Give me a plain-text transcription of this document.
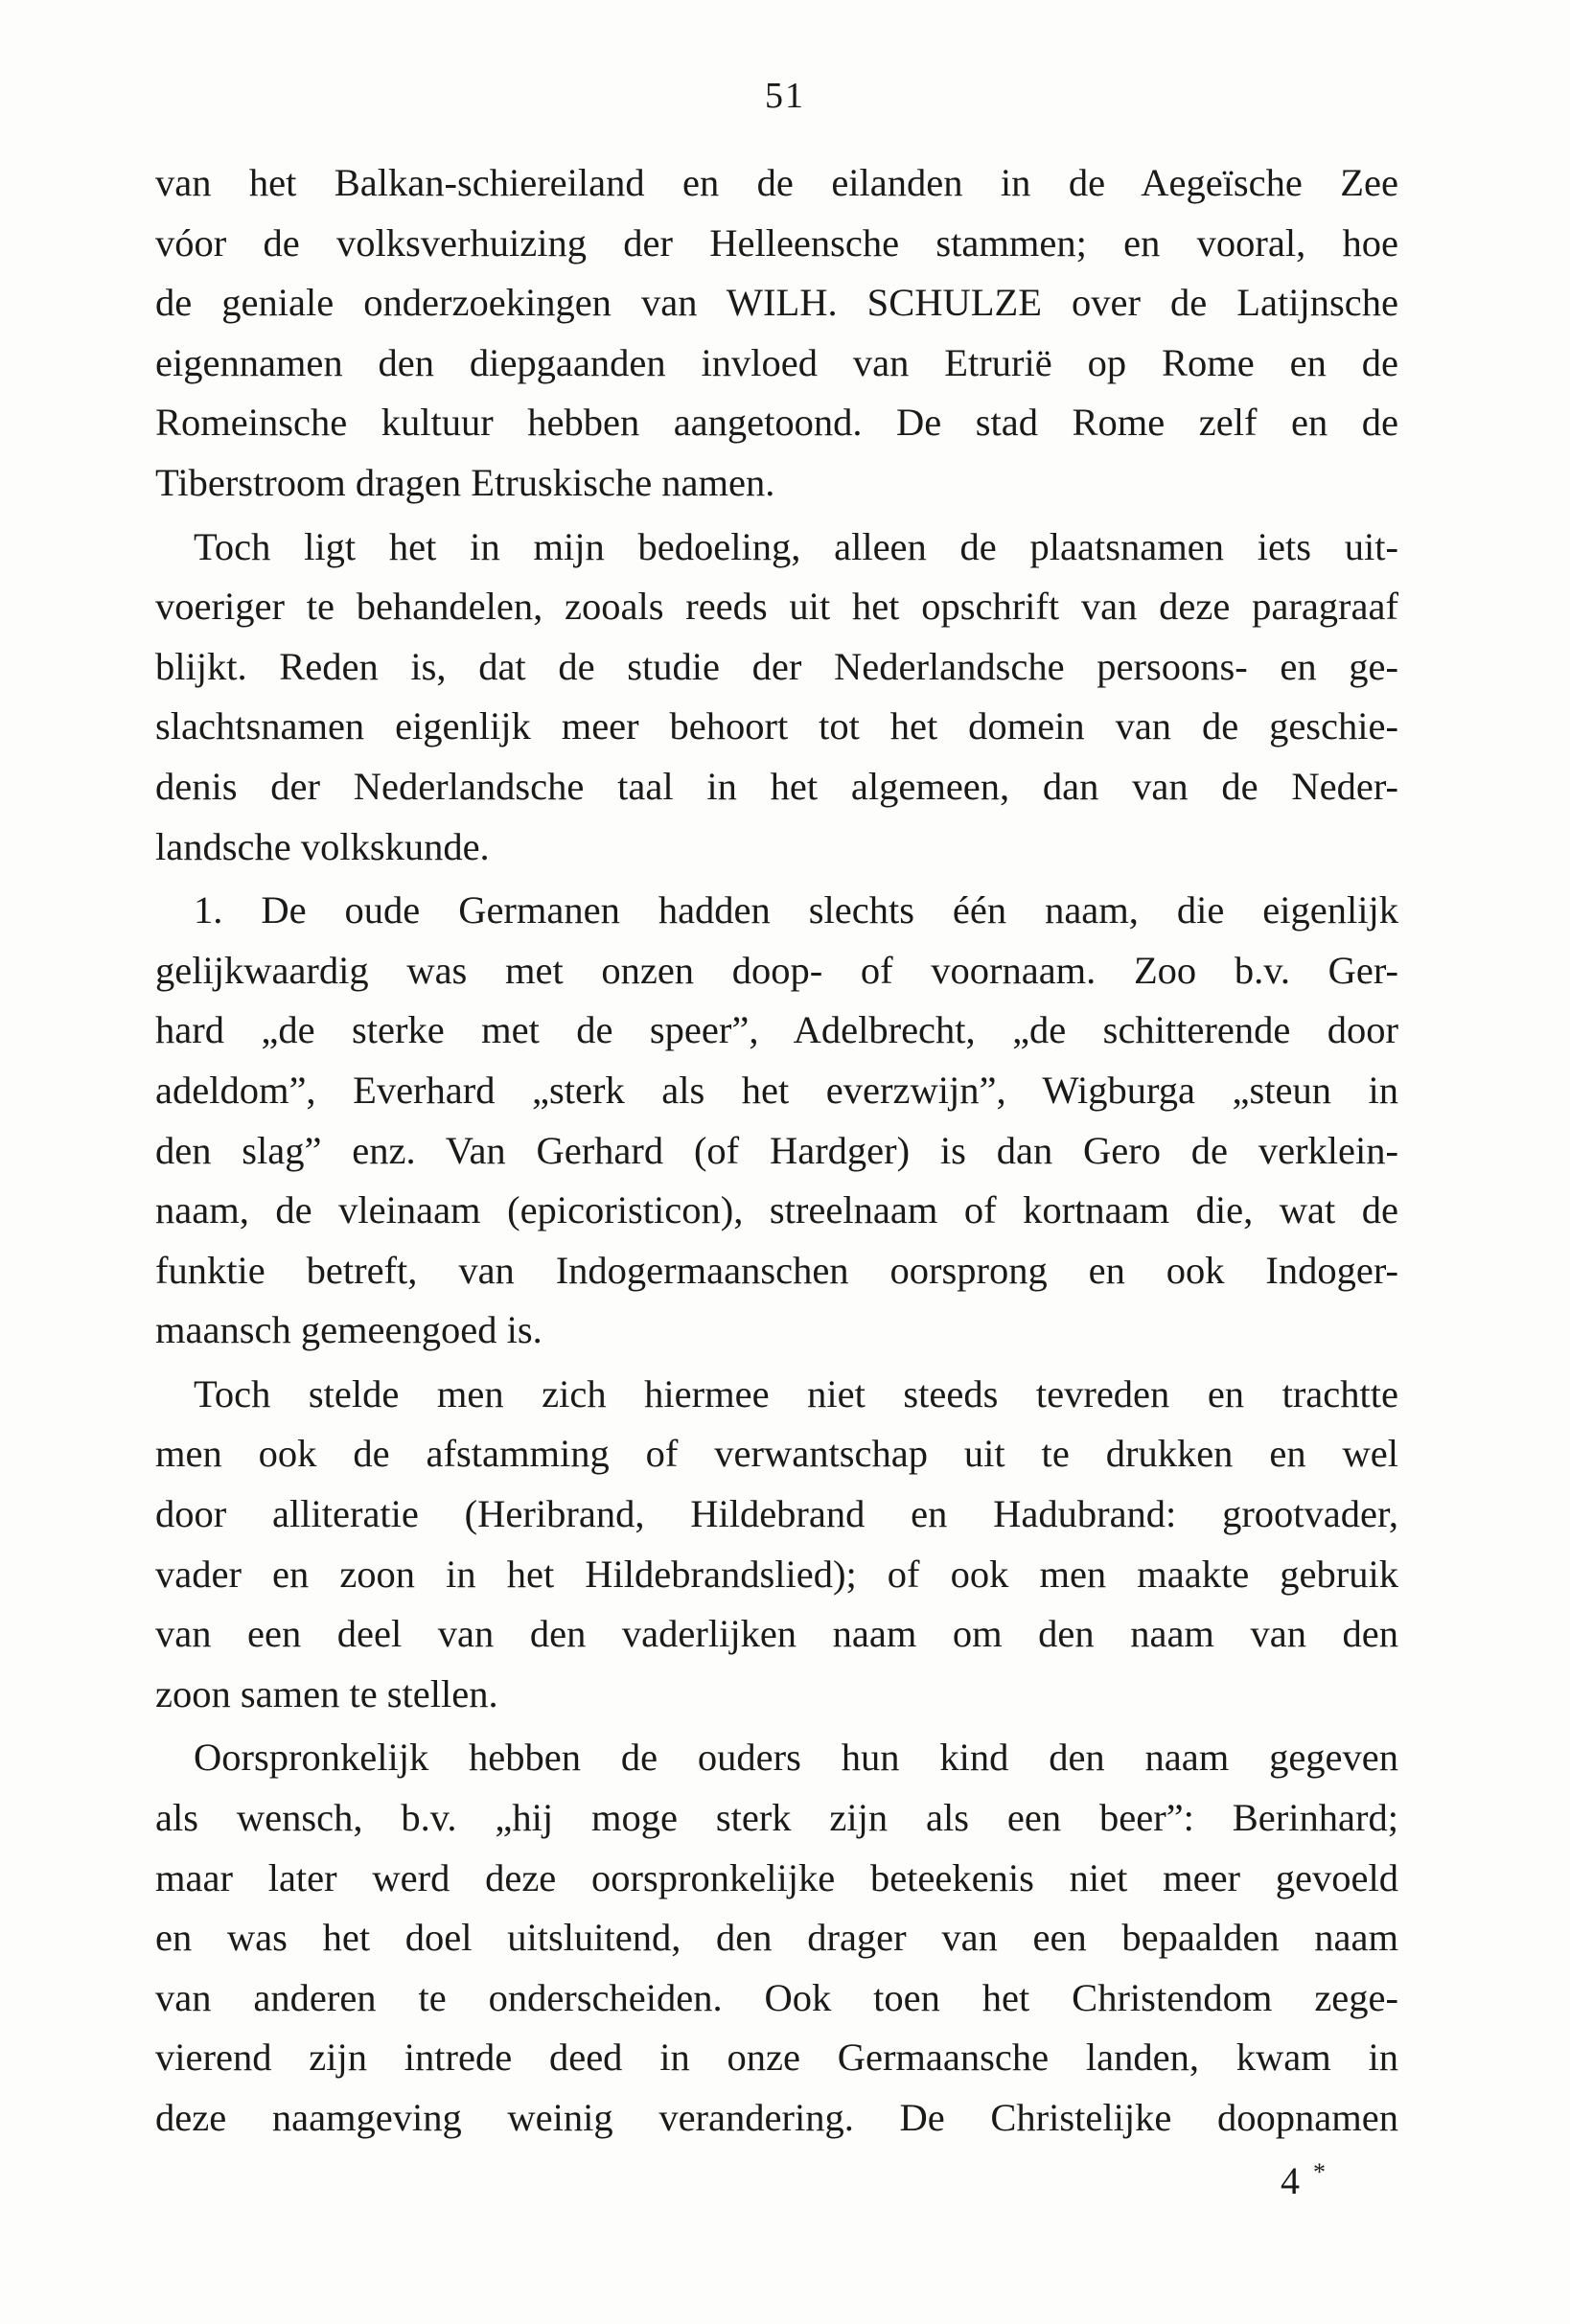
51
van het Balkan-schiereiland en de eilanden in de Aegeïsche Zee
vóor de volksverhuizing der Helleensche stammen; en vooral, hoe
de geniale onderzoekingen van WILH. SCHULZE over de Latijnsche
eigennamen den diepgaanden invloed van Etrurië op Rome en de
Romeinsche kultuur hebben aangetoond. De stad Rome zelf en de
Tiberstroom dragen Etruskische namen.
Toch ligt het in mijn bedoeling, alleen de plaatsnamen iets uit-
voeriger te behandelen, zooals reeds uit het opschrift van deze paragraaf
blijkt. Reden is, dat de studie der Nederlandsche persoons- en ge-
slachtsnamen eigenlijk meer behoort tot het domein van de geschie-
denis der Nederlandsche taal in het algemeen, dan van de Neder-
landsche volkskunde.
1. De oude Germanen hadden slechts één naam, die eigenlijk
gelijkwaardig was met onzen doop- of voornaam. Zoo b.v. Ger-
hard „de sterke met de speer”, Adelbrecht, „de schitterende door
adeldom”, Everhard „sterk als het everzwijn”, Wigburga „steun in
den slag” enz. Van Gerhard (of Hardger) is dan Gero de verklein-
naam, de vleinaam (epicoristicon), streelnaam of kortnaam die, wat de
funktie betreft, van Indogermaanschen oorsprong en ook Indoger-
maansch gemeengoed is.
Toch stelde men zich hiermee niet steeds tevreden en trachtte
men ook de afstamming of verwantschap uit te drukken en wel
door alliteratie (Heribrand, Hildebrand en Hadubrand: grootvader,
vader en zoon in het Hildebrandslied); of ook men maakte gebruik
van een deel van den vaderlijken naam om den naam van den
zoon samen te stellen.
Oorspronkelijk hebben de ouders hun kind den naam gegeven
als wensch, b.v. „hij moge sterk zijn als een beer”: Berinhard;
maar later werd deze oorspronkelijke beteekenis niet meer gevoeld
en was het doel uitsluitend, den drager van een bepaalden naam
van anderen te onderscheiden. Ook toen het Christendom zege-
vierend zijn intrede deed in onze Germaansche landen, kwam in
deze naamgeving weinig verandering. De Christelijke doopnamen
4 *
